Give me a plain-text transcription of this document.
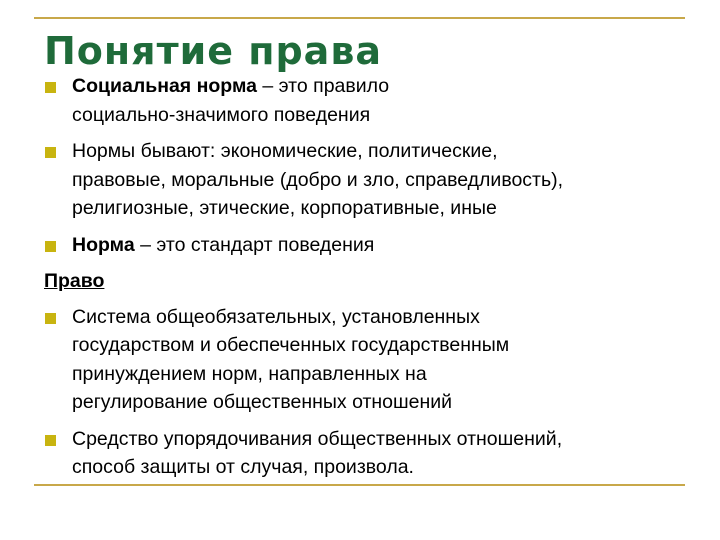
Понятие права
Социальная норма – это правило
социально-значимого поведения
Нормы бывают: экономические, политические,
правовые, моральные (добро и зло, справедливость),
религиозные, этические, корпоративные, иные
Норма – это стандарт поведения
Право
Система общеобязательных, установленных
государством и обеспеченных государственным
принуждением норм, направленных на
регулирование общественных отношений
Средство упорядочивания общественных отношений,
способ защиты от случая, произвола.
